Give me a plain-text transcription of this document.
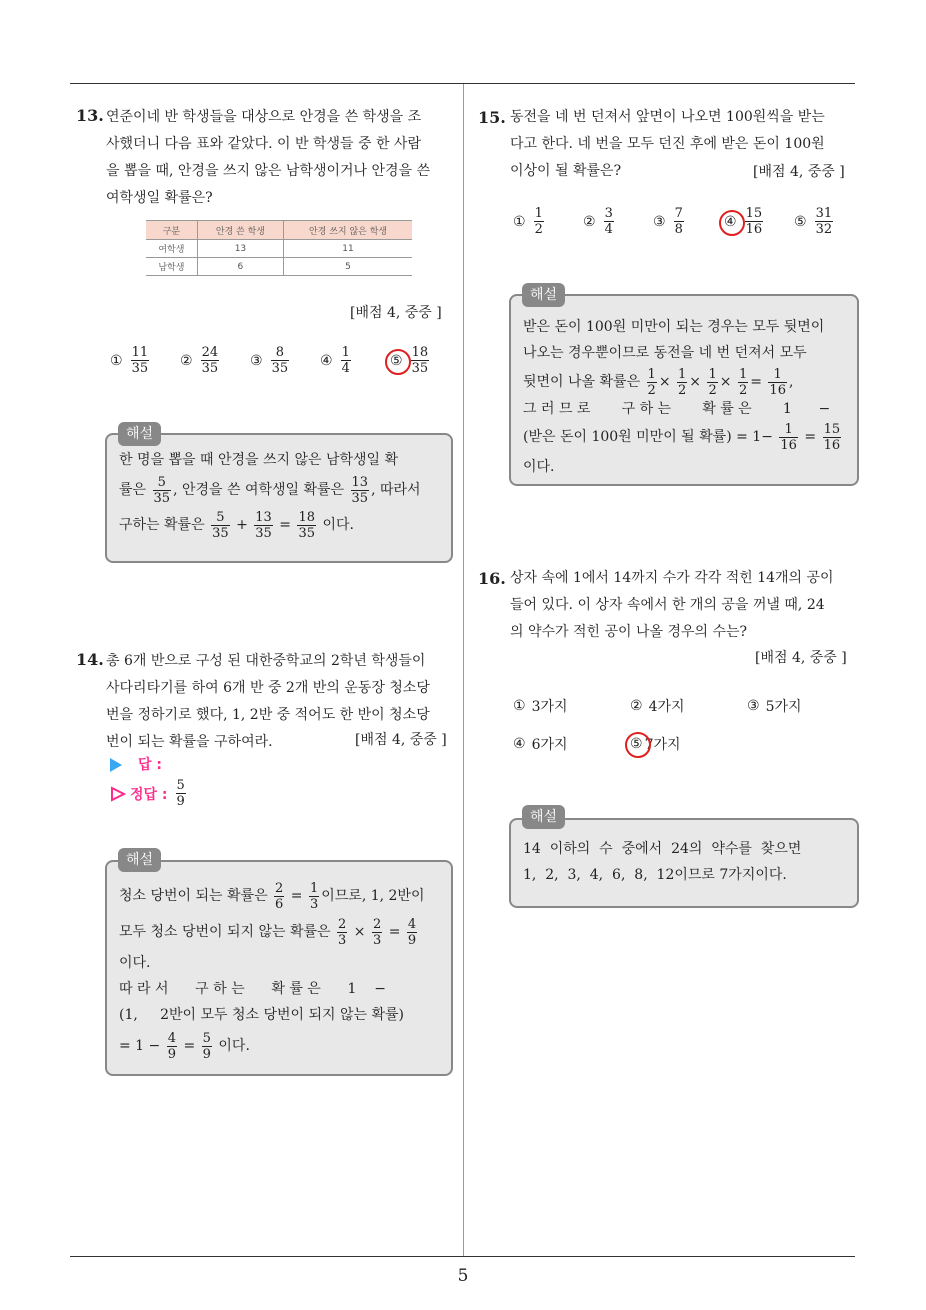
5
13. 연준이네 반 학생들을 대상으로 안경을 쓴 학생을 조
사했더니 다음 표와 같았다. 이 반 학생들 중 한 사람
을 뽑을 때, 안경을 쓰지 않은 남학생이거나 안경을 쓴
여학생일 확률은?
구분	안경 쓴 학생	안경 쓰지 않은 학생
여학생	13	11
남학생	6	5
[배점 4, 중중 ]
① $\frac{11}{35}$ ② $\frac{24}{35}$ ③ $\frac{8}{35}$ ④ $\frac{1}{4}$	⑤ $\frac{18}{35}$
한 명을 뽑을 때 안경을 쓰지 않은 남학생일 확
률은 $\frac{5}{35}$ , 안경을 쓴 여학생일 확률은 $\frac{13}{35}$ , 따라서
구하는 확률은 $\frac{5}{35} + \frac{13}{35} = \frac{18}{35}$ 이다.
해설
14. 총 6개 반으로 구성 된 대한중학교의 2학년 학생들이
사다리타기를 하여 6개 반 중 2개 반의 운동장 청소당
번을 정하기로 했다, 1, 2반 중 적어도 한 반이 청소당
번이 되는 확률을 구하여라.	[배점 4, 중중 ]
답 :
정답 : $\frac{5}{9}$
청소 당번이 되는 확률은 $\frac{2}{6} = \frac{1}{3}$ 이므로, 1, 2반이
모두 청소 당번이 되지 않는 확률은 $\frac{2}{3} \times \frac{2}{3} = \frac{4}{9}$
이다.
따 라 서      구 하 는      확 률 은      1    −
(1,     2반이 모두 청소 당번이 되지 않는 확률)
= $1 - \frac{4}{9} = \frac{5}{9}$ 이다.
해설
15. 동전을 네 번 던져서 앞면이 나오면 100원씩을 받는
다고 한다. 네 번을 모두 던진 후에 받은 돈이 100원
이상이 될 확률은?	[배점 4, 중중 ]
① $\frac{1}{2}$	② $\frac{3}{4}$	③ $\frac{7}{8}$	④ $\frac{15}{16}$ ⑤ $\frac{31}{32}$
받은 돈이 100원 미만이 되는 경우는 모두 뒷면이
나오는 경우뿐이므로 동전을 네 번 던져서 모두
뒷면이 나올 확률은 $\frac{1}{2} \times \frac{1}{2} \times \frac{1}{2} \times \frac{1}{2} = \frac{1}{16}$ ,
그 러 므 로       구 하 는       확 률 은       1      −
(받은 돈이 100원 미만이 될 확률) = $1- \frac{1}{16} = \frac{15}{16}$
이다.
해설
16. 상자 속에 1에서 14까지 수가 각각 적힌 14개의 공이
들어 있다. 이 상자 속에서 한 개의 공을 꺼낼 때, 24
의 약수가 적힌 공이 나올 경우의 수는?
[배점 4, 중중 ]
① 3가지	② 4가지	③ 5가지
④ 6가지	⑤ 7가지
14  이하의  수  중에서  24의  약수를  찾으면
1,  2,  3,  4,  6,  8,  12이므로 7가지이다.
해설
